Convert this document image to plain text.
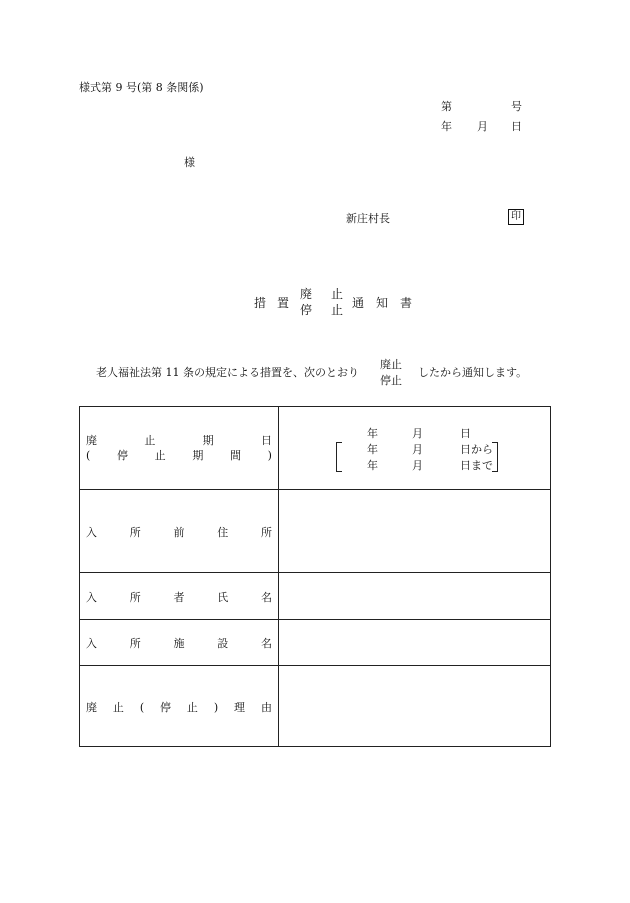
様式第 9 号(第 8 条関係)
第	号
年 月 日
様
新庄村長	印
措 置
廃 止
停 止 通 知 書
老人福祉法第 11 条の規定による措置を、次のとおり
廃止
停止
したから通知します。
廃	止	期	日
( 停 止 期 間 )
年	月	日
年	月	日から
年	月	日まで
入	所	前	住	所
入	所	者	氏	名
入	所	施	設	名
廃 止 ( 停 止 ) 理 由
